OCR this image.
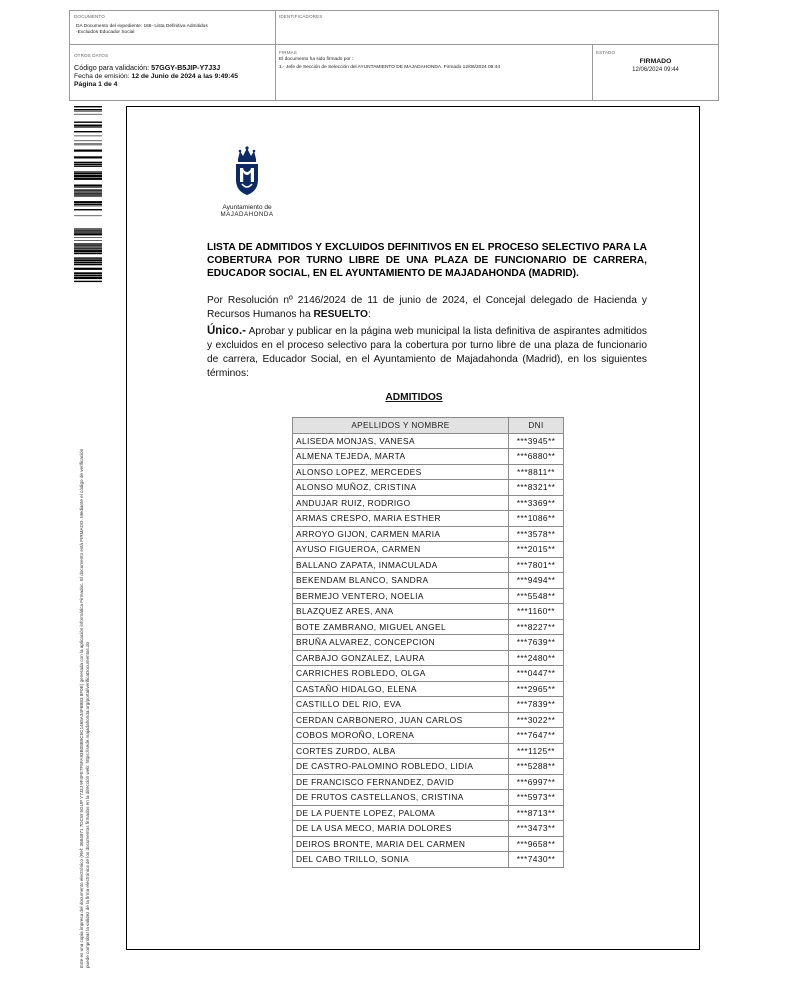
DOCUMENTO
DA Documento del expediente: 166- Lista Definitiva Admitidos
-Excluidos Educador Social
IDENTIFICADORES
OTROS DATOS
Código para validación: 57GGY-B5JIP-Y7J3J
Fecha de emisión: 12 de Junio de 2024 a las 9:49:45
Página 1 de 4
FIRMAS
El documento ha sido firmado por :
1.- Jefe de Sección de Selección del AYUNTAMIENTO DE MAJADAHONDA. Firmado 12/06/2024 09:44
ESTADO
FIRMADO
12/06/2024 09:44
Este es una copia impresa del documento electrónico (Ref: 3684971 7DCW 5GUP Y7J3J 9F4FE7F5FA93B08B9C5C1465A34F6B83 8F0E) generada con la aplicación informática Firmadoc. El documento está FIRMADO. Mediante el código de verificación puede comprobar la validez de la firma electrónica de los documentos firmados en la dirección web: https://sede.majadahonda.org/portal/verificaDocumentos.do
Ayuntamiento de
MAJADAHONDA
LISTA DE ADMITIDOS Y EXCLUIDOS DEFINITIVOS EN EL PROCESO SELECTIVO PARA LA COBERTURA POR TURNO LIBRE DE UNA PLAZA DE FUNCIONARIO DE CARRERA, EDUCADOR SOCIAL, EN EL AYUNTAMIENTO DE MAJADAHONDA (MADRID).
Por Resolución nº 2146/2024 de 11 de junio de 2024, el Concejal delegado de Hacienda y Recursos Humanos ha RESUELTO:
Único.- Aprobar y publicar en la página web municipal la lista definitiva de aspirantes admitidos y excluidos en el proceso selectivo para la cobertura por turno libre de una plaza de funcionario de carrera, Educador Social, en el Ayuntamiento de Majadahonda (Madrid), en los siguientes términos:
ADMITIDOS
APELLIDOS Y NOMBRE	DNI
ALISEDA MONJAS, VANESA	***3945**
ALMENA TEJEDA, MARTA	***6880**
ALONSO LOPEZ, MERCEDES	***8811**
ALONSO MUÑOZ, CRISTINA	***8321**
ANDUJAR RUIZ, RODRIGO	***3369**
ARMAS CRESPO, MARIA ESTHER	***1086**
ARROYO GIJON, CARMEN MARIA	***3578**
AYUSO FIGUEROA, CARMEN	***2015**
BALLANO ZAPATA, INMACULADA	***7801**
BEKENDAM BLANCO, SANDRA	***9494**
BERMEJO VENTERO, NOELIA	***5548**
BLAZQUEZ ARES, ANA	***1160**
BOTE ZAMBRANO, MIGUEL ANGEL	***8227**
BRUÑA ALVAREZ, CONCEPCION	***7639**
CARBAJO GONZALEZ, LAURA	***2480**
CARRICHES ROBLEDO, OLGA	***0447**
CASTAÑO HIDALGO, ELENA	***2965**
CASTILLO DEL RIO, EVA	***7839**
CERDAN CARBONERO, JUAN CARLOS	***3022**
COBOS MOROÑO, LORENA	***7647**
CORTES ZURDO, ALBA	***1125**
DE CASTRO-PALOMINO ROBLEDO, LIDIA	***5288**
DE FRANCISCO FERNANDEZ, DAVID	***6997**
DE FRUTOS CASTELLANOS, CRISTINA	***5973**
DE LA PUENTE LOPEZ, PALOMA	***8713**
DE LA USA MECO, MARIA DOLORES	***3473**
DEIROS BRONTE, MARIA DEL CARMEN	***9658**
DEL CABO TRILLO, SONIA	***7430**
